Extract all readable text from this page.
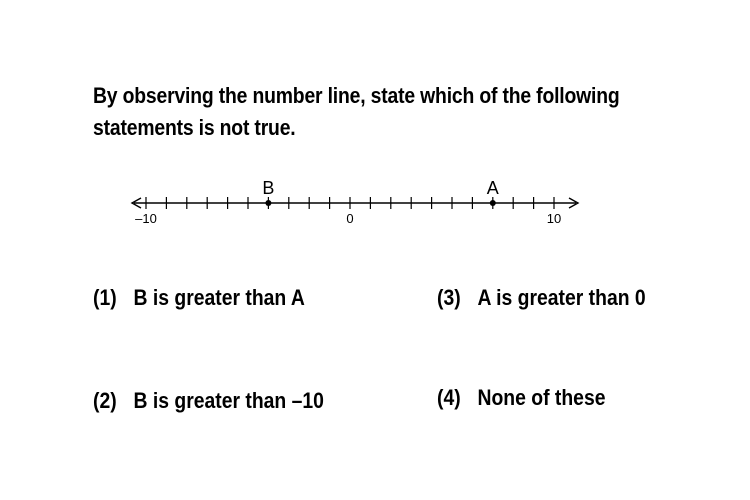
By observing the number line, state which of the following
statements is not true.
–10	0	10
B	A
(1) B is greater than A
(2) B is greater than –10
(3) A is greater than 0
(4) None of these
